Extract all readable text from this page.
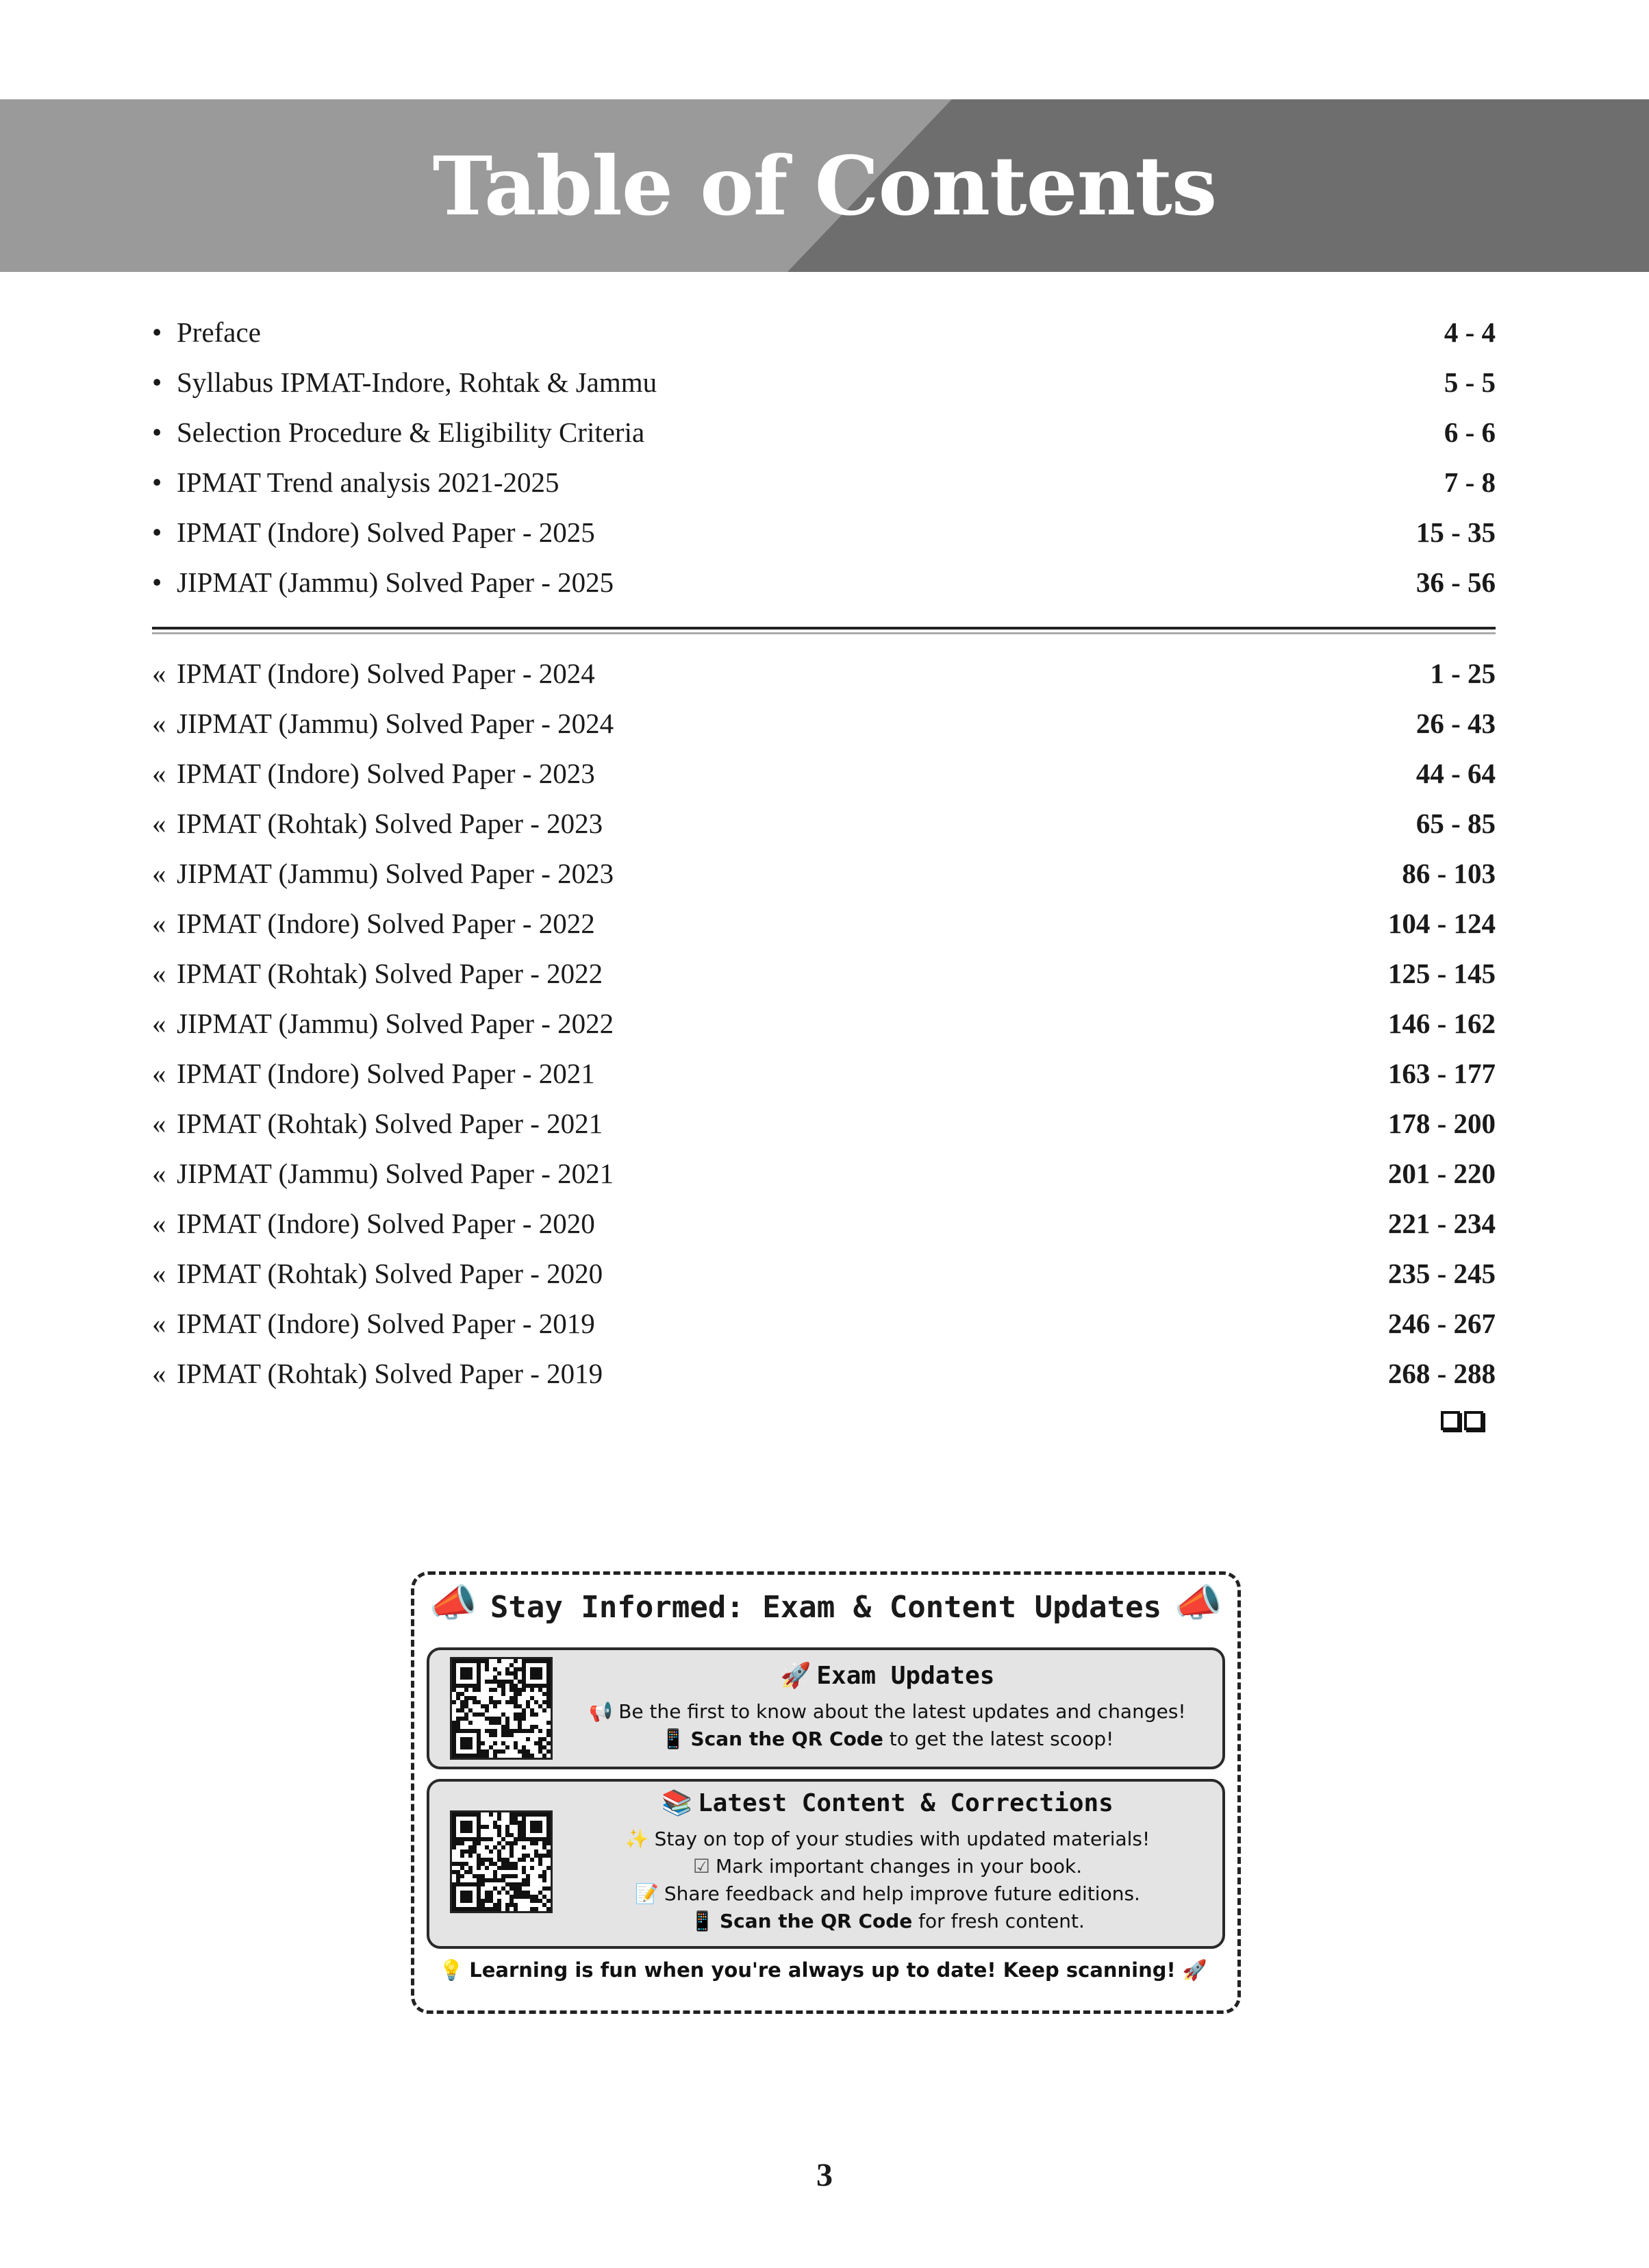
Table of Contents
• Preface	4 - 4
• Syllabus IPMAT-Indore, Rohtak & Jammu	5 - 5
• Selection Procedure & Eligibility Criteria	6 - 6
• IPMAT Trend analysis 2021-2025	7 - 8
• IPMAT (Indore) Solved Paper - 2025	15 - 35
• JIPMAT (Jammu) Solved Paper - 2025	36 - 56
« IPMAT (Indore) Solved Paper - 2024	1 - 25
« JIPMAT (Jammu) Solved Paper - 2024	26 - 43
« IPMAT (Indore) Solved Paper - 2023	44 - 64
« IPMAT (Rohtak) Solved Paper - 2023	65 - 85
« JIPMAT (Jammu) Solved Paper - 2023	86 - 103
« IPMAT (Indore) Solved Paper - 2022	104 - 124
« IPMAT (Rohtak) Solved Paper - 2022	125 - 145
« JIPMAT (Jammu) Solved Paper - 2022	146 - 162
« IPMAT (Indore) Solved Paper - 2021	163 - 177
« IPMAT (Rohtak) Solved Paper - 2021	178 - 200
« JIPMAT (Jammu) Solved Paper - 2021	201 - 220
« IPMAT (Indore) Solved Paper - 2020	221 - 234
« IPMAT (Rohtak) Solved Paper - 2020	235 - 245
« IPMAT (Indore) Solved Paper - 2019	246 - 267
« IPMAT (Rohtak) Solved Paper - 2019	268 - 288
📣	📣
Stay Informed: Exam & Content Updates
🚀 Exam Updates
📢 Be the first to know about the latest updates and changes!
📱 Scan the QR Code to get the latest scoop!
📚 Latest Content & Corrections
✨ Stay on top of your studies with updated materials!
☑ Mark important changes in your book.
📝 Share feedback and help improve future editions.
📱 Scan the QR Code for fresh content.
💡 Learning is fun when you're always up to date! Keep scanning! 🚀
3
